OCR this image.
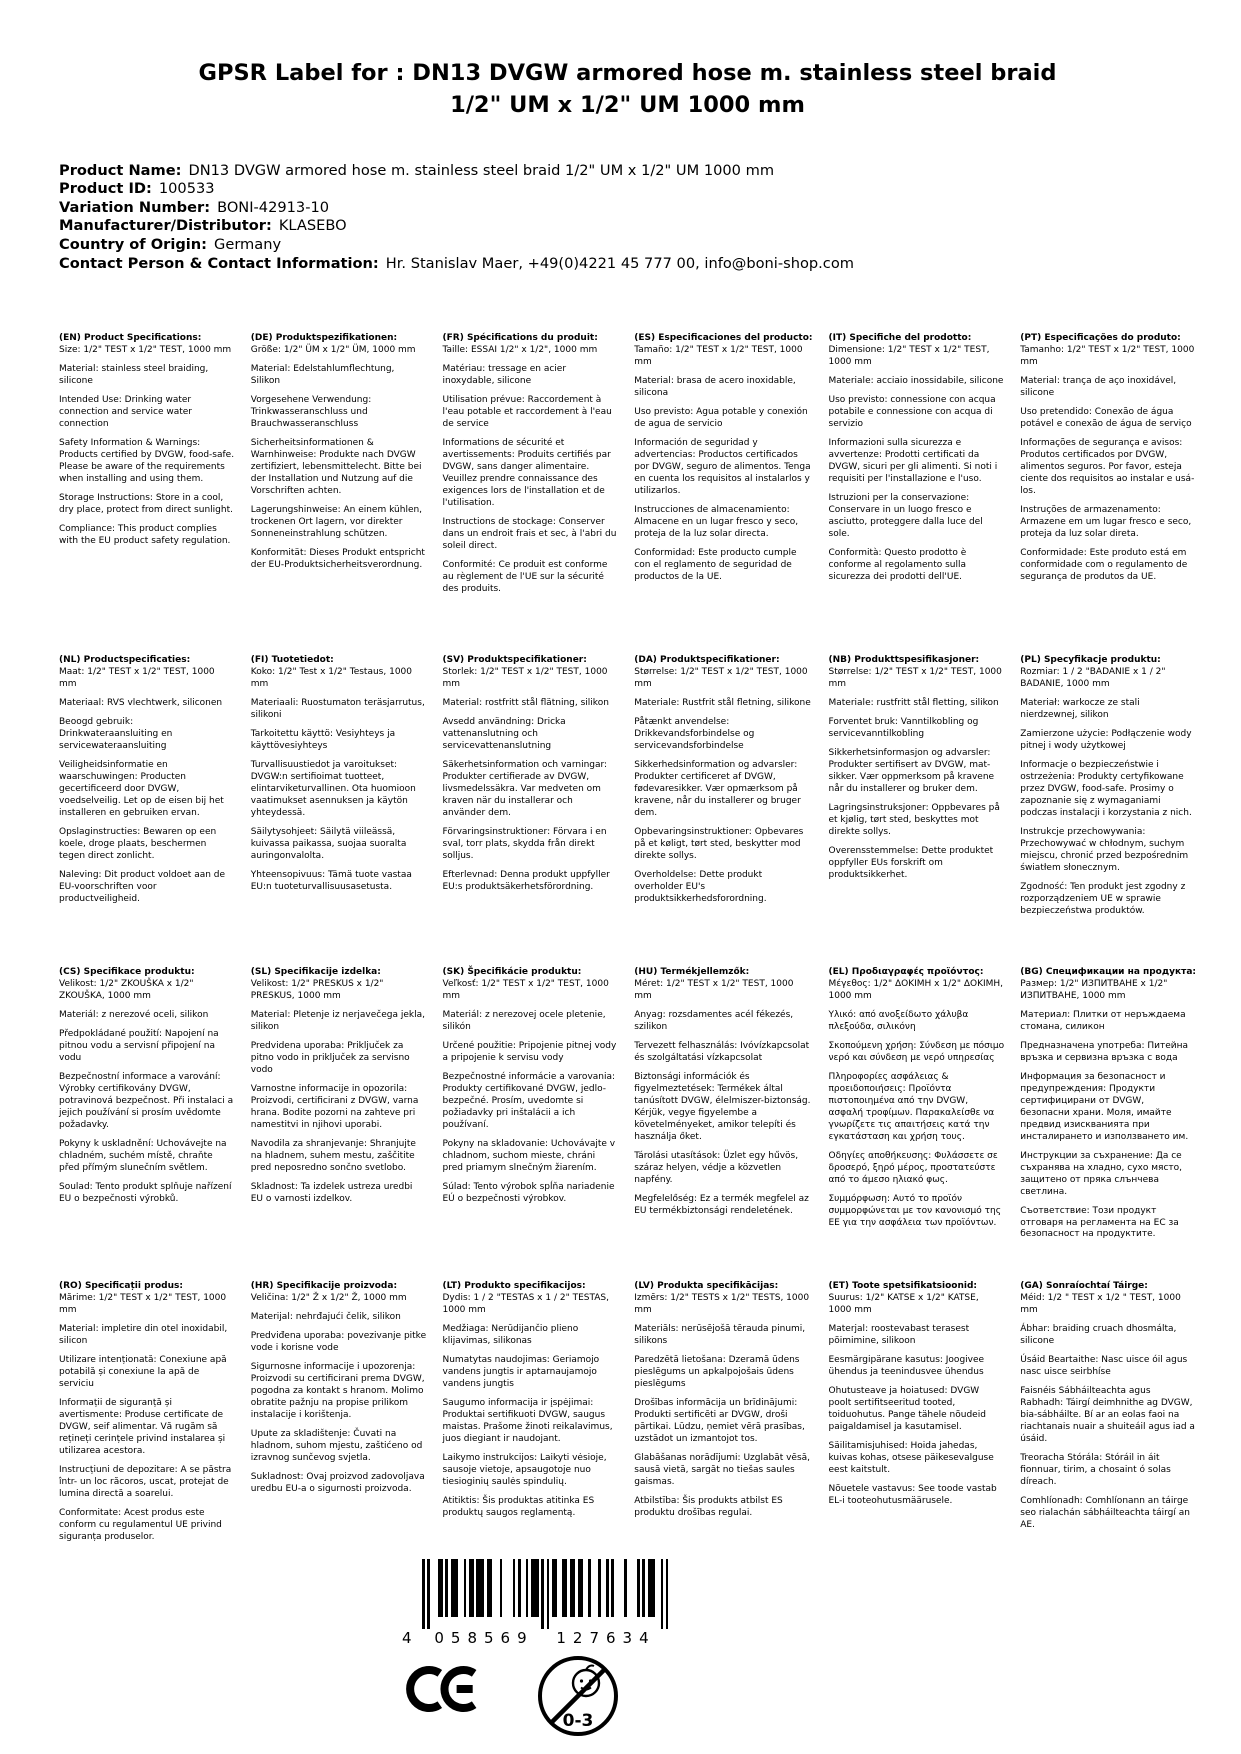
GPSR Label for : DN13 DVGW armored hose m. stainless steel braid 1/2" UM x 1/2" UM 1000 mm
Product Name: DN13 DVGW armored hose m. stainless steel braid 1/2" UM x 1/2" UM 1000 mm
Product ID: 100533
Variation Number: BONI-42913-10
Manufacturer/Distributor: KLASEBO
Country of Origin: Germany
Contact Person & Contact Information: Hr. Stanislav Maer, +49(0)4221 45 777 00, info@boni-shop.com
(EN) Product Specifications:

Size: 1/2" TEST x 1/2" TEST, 1000 mm

Material: stainless steel braiding, silicone

Intended Use: Drinking water connection and service water connection

Safety Information & Warnings: Products certified by DVGW, food-safe. Please be aware of the requirements when installing and using them.

Storage Instructions: Store in a cool, dry place, protect from direct sunlight.

Compliance: This product complies with the EU product safety regulation.

(DE) Produktspezifikationen:

Größe: 1/2" ÜM x 1/2" ÜM, 1000 mm

Material: Edelstahlumflechtung, Silikon

Vorgesehene Verwendung: Trinkwasseranschluss und Brauchwasseranschluss

Sicherheitsinformationen & Warnhinweise: Produkte nach DVGW zertifiziert, lebensmittelecht. Bitte bei der Installation und Nutzung auf die Vorschriften achten.

Lagerungshinweise: An einem kühlen, trockenen Ort lagern, vor direkter Sonneneinstrahlung schützen.

Konformität: Dieses Produkt entspricht der EU-Produktsicherheitsverordnung.

(FR) Spécifications du produit:

Taille: ESSAI 1/2" x 1/2", 1000 mm

Matériau: tressage en acier inoxydable, silicone

Utilisation prévue: Raccordement à l'eau potable et raccordement à l'eau de service

Informations de sécurité et avertissements: Produits certifiés par DVGW, sans danger alimentaire. Veuillez prendre connaissance des exigences lors de l'installation et de l'utilisation.

Instructions de stockage: Conserver dans un endroit frais et sec, à l'abri du soleil direct.

Conformité: Ce produit est conforme au règlement de l'UE sur la sécurité des produits.

(ES) Especificaciones del producto:

Tamaño: 1/2" TEST x 1/2" TEST, 1000 mm

Material: brasa de acero inoxidable, silicona

Uso previsto: Agua potable y conexión de agua de servicio

Información de seguridad y advertencias: Productos certificados por DVGW, seguro de alimentos. Tenga en cuenta los requisitos al instalarlos y utilizarlos.

Instrucciones de almacenamiento: Almacene en un lugar fresco y seco, proteja de la luz solar directa.

Conformidad: Este producto cumple con el reglamento de seguridad de productos de la UE.

(IT) Specifiche del prodotto:

Dimensione: 1/2" TEST x 1/2" TEST, 1000 mm

Materiale: acciaio inossidabile, silicone

Uso previsto: connessione con acqua potabile e connessione con acqua di servizio

Informazioni sulla sicurezza e avvertenze: Prodotti certificati da DVGW, sicuri per gli alimenti. Si noti i requisiti per l'installazione e l'uso.

Istruzioni per la conservazione: Conservare in un luogo fresco e asciutto, proteggere dalla luce del sole.

Conformità: Questo prodotto è conforme al regolamento sulla sicurezza dei prodotti dell'UE.

(PT) Especificações do produto:

Tamanho: 1/2" TEST x 1/2" TEST, 1000 mm

Material: trança de aço inoxidável, silicone

Uso pretendido: Conexão de água potável e conexão de água de serviço

Informações de segurança e avisos: Produtos certificados por DVGW, alimentos seguros. Por favor, esteja ciente dos requisitos ao instalar e usá-los.

Instruções de armazenamento: Armazene em um lugar fresco e seco, proteja da luz solar direta.

Conformidade: Este produto está em conformidade com o regulamento de segurança de produtos da UE.

(NL) Productspecificaties:

Maat: 1/2" TEST x 1/2" TEST, 1000 mm

Materiaal: RVS vlechtwerk, siliconen

Beoogd gebruik: Drinkwateraansluiting en servicewateraansluiting

Veiligheidsinformatie en waarschuwingen: Producten gecertificeerd door DVGW, voedselveilig. Let op de eisen bij het installeren en gebruiken ervan.

Opslaginstructies: Bewaren op een koele, droge plaats, beschermen tegen direct zonlicht.

Naleving: Dit product voldoet aan de EU-voorschriften voor productveiligheid.

(FI) Tuotetiedot:

Koko: 1/2" Test x 1/2" Testaus, 1000 mm

Materiaali: Ruostumaton teräsjarrutus, silikoni

Tarkoitettu käyttö: Vesiyhteys ja käyttövesiyhteys

Turvallisuustiedot ja varoitukset: DVGW:n sertifioimat tuotteet, elintarviketurvallinen. Ota huomioon vaatimukset asennuksen ja käytön yhteydessä.

Säilytysohjeet: Säilytä viileässä, kuivassa paikassa, suojaa suoralta auringonvalolta.

Yhteensopivuus: Tämä tuote vastaa EU:n tuoteturvallisuusasetusta.

(SV) Produktspecifikationer:

Storlek: 1/2" TEST x 1/2" TEST, 1000 mm

Material: rostfritt stål flätning, silikon

Avsedd användning: Dricka vattenanslutning och servicevattenanslutning

Säkerhetsinformation och varningar: Produkter certifierade av DVGW, livsmedelssäkra. Var medveten om kraven när du installerar och använder dem.

Förvaringsinstruktioner: Förvara i en sval, torr plats, skydda från direkt solljus.

Efterlevnad: Denna produkt uppfyller EU:s produktsäkerhetsförordning.

(DA) Produktspecifikationer:

Størrelse: 1/2" TEST x 1/2" TEST, 1000 mm

Materiale: Rustfrit stål fletning, silikone

Påtænkt anvendelse: Drikkevandsforbindelse og servicevandsforbindelse

Sikkerhedsinformation og advarsler: Produkter certificeret af DVGW, fødevaresikker. Vær opmærksom på kravene, når du installerer og bruger dem.

Opbevaringsinstruktioner: Opbevares på et køligt, tørt sted, beskytter mod direkte sollys.

Overholdelse: Dette produkt overholder EU's produktsikkerhedsforordning.

(NB) Produkttspesifikasjoner:

Størrelse: 1/2" TEST x 1/2" TEST, 1000 mm

Materiale: rustfritt stål fletting, silikon

Forventet bruk: Vanntilkobling og servicevanntilkobling

Sikkerhetsinformasjon og advarsler: Produkter sertifisert av DVGW, mat-sikker. Vær oppmerksom på kravene når du installerer og bruker dem.

Lagringsinstruksjoner: Oppbevares på et kjølig, tørt sted, beskyttes mot direkte sollys.

Overensstemmelse: Dette produktet oppfyller EUs forskrift om produktsikkerhet.

(PL) Specyfikacje produktu:

Rozmiar: 1 / 2 "BADANIE x 1 / 2" BADANIE, 1000 mm

Materiał: warkocze ze stali nierdzewnej, silikon

Zamierzone użycie: Podłączenie wody pitnej i wody użytkowej

Informacje o bezpieczeństwie i ostrzeżenia: Produkty certyfikowane przez DVGW, food-safe. Prosimy o zapoznanie się z wymaganiami podczas instalacji i korzystania z nich.

Instrukcje przechowywania: Przechowywać w chłodnym, suchym miejscu, chronić przed bezpośrednim światłem słonecznym.

Zgodność: Ten produkt jest zgodny z rozporządzeniem UE w sprawie bezpieczeństwa produktów.

(CS) Specifikace produktu:

Velikost: 1/2" ZKOUŠKA x 1/2" ZKOUŠKA, 1000 mm

Materiál: z nerezové oceli, silikon

Předpokládané použití: Napojení na pitnou vodu a servisní připojení na vodu

Bezpečnostní informace a varování: Výrobky certifikovány DVGW, potravinová bezpečnost. Při instalaci a jejich používání si prosím uvědomte požadavky.

Pokyny k uskladnění: Uchovávejte na chladném, suchém místě, chraňte před přímým slunečním světlem.

Soulad: Tento produkt splňuje nařízení EU o bezpečnosti výrobků.

(SL) Specifikacije izdelka:

Velikost: 1/2" PRESKUS x 1/2" PRESKUS, 1000 mm

Material: Pletenje iz nerjavečega jekla, silikon

Predvidena uporaba: Priključek za pitno vodo in priključek za servisno vodo

Varnostne informacije in opozorila: Proizvodi, certificirani z DVGW, varna hrana. Bodite pozorni na zahteve pri namestitvi in njihovi uporabi.

Navodila za shranjevanje: Shranjujte na hladnem, suhem mestu, zaščitite pred neposredno sončno svetlobo.

Skladnost: Ta izdelek ustreza uredbi EU o varnosti izdelkov.

(SK) Špecifikácie produktu:

Veľkosť: 1/2" TEST x 1/2" TEST, 1000 mm

Materiál: z nerezovej ocele pletenie, silikón

Určené použitie: Pripojenie pitnej vody a pripojenie k servisu vody

Bezpečnostné informácie a varovania: Produkty certifikované DVGW, jedlo-bezpečné. Prosím, uvedomte si požiadavky pri inštalácii a ich používaní.

Pokyny na skladovanie: Uchovávajte v chladnom, suchom mieste, chráni pred priamym slnečným žiarením.

Súlad: Tento výrobok spĺňa nariadenie EÚ o bezpečnosti výrobkov.

(HU) Termékjellemzők:

Méret: 1/2" TEST x 1/2" TEST, 1000 mm

Anyag: rozsdamentes acél fékezés, szilikon

Tervezett felhasználás: Ivóvízkapcsolat és szolgáltatási vízkapcsolat

Biztonsági információk és figyelmeztetések: Termékek által tanúsított DVGW, élelmiszer-biztonság. Kérjük, vegye figyelembe a követelményeket, amikor telepíti és használja őket.

Tárolási utasítások: Üzlet egy hűvös, száraz helyen, védje a közvetlen napfény.

Megfelelőség: Ez a termék megfelel az EU termékbiztonsági rendeletének.

(EL) Προδιαγραφές προϊόντος:

Μέγεθος: 1/2" ΔΟΚΙΜΗ x 1/2" ΔΟΚΙΜΗ, 1000 mm

Υλικό: από ανοξείδωτο χάλυβα πλεξούδα, σιλικόνη

Σκοπούμενη χρήση: Σύνδεση με πόσιμο νερό και σύνδεση με νερό υπηρεσίας

Πληροφορίες ασφάλειας & προειδοποιήσεις: Προϊόντα πιστοποιημένα από την DVGW, ασφαλή τροφίμων. Παρακαλείσθε να γνωρίζετε τις απαιτήσεις κατά την εγκατάσταση και χρήση τους.

Οδηγίες αποθήκευσης: Φυλάσσετε σε δροσερό, ξηρό μέρος, προστατεύστε από το άμεσο ηλιακό φως.

Συμμόρφωση: Αυτό το προϊόν συμμορφώνεται με τον κανονισμό της ΕΕ για την ασφάλεια των προϊόντων.

(BG) Спецификации на продукта:

Размер: 1/2" ИЗПИТВАНЕ x 1/2" ИЗПИТВАНЕ, 1000 mm

Материал: Плитки от неръждаема стомана, силикон

Предназначена употреба: Питейна връзка и сервизна връзка с вода

Информация за безопасност и предупреждения: Продукти сертифицирани от DVGW, безопасни храни. Моля, имайте предвид изискванията при инсталирането и използването им.

Инструкции за съхранение: Да се съхранява на хладно, сухо място, защитено от пряка слънчева светлина.

Съответствие: Този продукт отговаря на регламента на ЕС за безопасност на продуктите.

(RO) Specificații produs:

Mărime: 1/2" TEST x 1/2" TEST, 1000 mm

Material: impletire din otel inoxidabil, silicon

Utilizare intenționată: Conexiune apă potabilă și conexiune la apă de serviciu

Informații de siguranță și avertismente: Produse certificate de DVGW, seif alimentar. Vă rugăm să rețineți cerințele privind instalarea și utilizarea acestora.

Instrucțiuni de depozitare: A se păstra într- un loc răcoros, uscat, protejat de lumina directă a soarelui.

Conformitate: Acest produs este conform cu regulamentul UE privind siguranța produselor.

(HR) Specifikacije proizvoda:

Veličina: 1/2" Ž x 1/2" Ž, 1000 mm

Materijal: nehrđajući čelik, silikon

Predviđena uporaba: povezivanje pitke vode i korisne vode

Sigurnosne informacije i upozorenja: Proizvodi su certificirani prema DVGW, pogodna za kontakt s hranom. Molimo obratite pažnju na propise prilikom instalacije i korištenja.

Upute za skladištenje: Čuvati na hladnom, suhom mjestu, zaštićeno od izravnog sunčevog svjetla.

Sukladnost: Ovaj proizvod zadovoljava uredbu EU-a o sigurnosti proizvoda.

(LT) Produkto specifikacijos:

Dydis: 1 / 2 "TESTAS x 1 / 2" TESTAS, 1000 mm

Medžiaga: Nerūdijančio plieno klijavimas, silikonas

Numatytas naudojimas: Geriamojo vandens jungtis ir aptarnaujamojo vandens jungtis

Saugumo informacija ir įspėjimai: Produktai sertifikuoti DVGW, saugus maistas. Prašome žinoti reikalavimus, juos diegiant ir naudojant.

Laikymo instrukcijos: Laikyti vėsioje, sausoje vietoje, apsaugotoje nuo tiesioginių saulės spindulių.

Atitiktis: Šis produktas atitinka ES produktų saugos reglamentą.

(LV) Produkta specifikācijas:

Izmērs: 1/2" TESTS x 1/2" TESTS, 1000 mm

Materiāls: nerūsējošā tērauda pinumi, silikons

Paredzētā lietošana: Dzeramā ūdens pieslēgums un apkalpojošais ūdens pieslēgums

Drošības informācija un brīdinājumi: Produkti sertificēti ar DVGW, droši pārtikai. Lūdzu, ņemiet vērā prasības, uzstādot un izmantojot tos.

Glabāšanas norādījumi: Uzglabāt vēsā, sausā vietā, sargāt no tiešas saules gaismas.

Atbilstība: Šis produkts atbilst ES produktu drošības regulai.

(ET) Toote spetsifikatsioonid:

Suurus: 1/2" KATSE x 1/2" KATSE, 1000 mm

Materjal: roostevabast terasest põimimine, silikoon

Eesmärgipärane kasutus: Joogivee ühendus ja teenindusvee ühendus

Ohutusteave ja hoiatused: DVGW poolt sertifitseeritud tooted, toiduohutus. Pange tähele nõudeid paigaldamisel ja kasutamisel.

Säilitamisjuhised: Hoida jahedas, kuivas kohas, otsese päikesevalguse eest kaitstult.

Nõuetele vastavus: See toode vastab EL-i tooteohutusmäärusele.

(GA) Sonraíochtaí Táirge:

Méid: 1/2 " TEST x 1/2 " TEST, 1000 mm

Ábhar: braiding cruach dhosmálta, silicone

Úsáid Beartaithe: Nasc uisce óil agus nasc uisce seirbhíse

Faisnéis Sábháilteachta agus Rabhadh: Táirgí deimhnithe ag DVGW, bia-sábháilte. Bí ar an eolas faoi na riachtanais nuair a shuiteáil agus iad a úsáid.

Treoracha Stórála: Stóráil in áit fionnuar, tirim, a chosaint ó solas díreach.

Comhlíonadh: Comhlíonann an táirge seo rialachán sábháilteachta táirgí an AE.

4 058569 127634
0-3
